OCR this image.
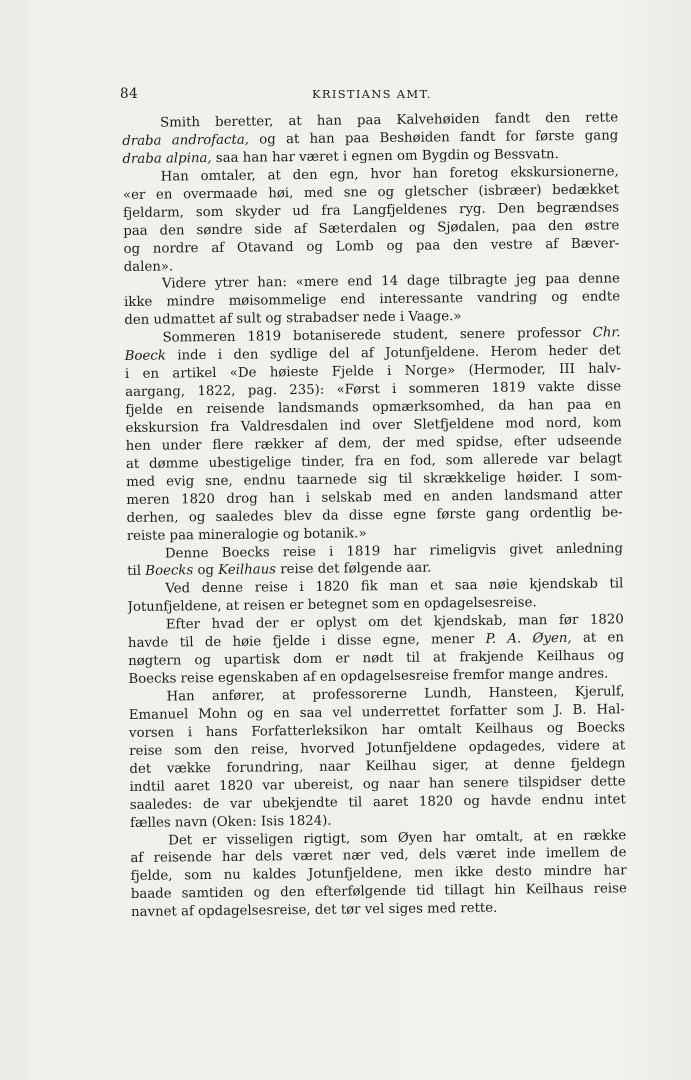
84	KRISTIANS AMT.
Smith beretter, at han paa Kalvehøiden fandt den rette
draba androfacta, og at han paa Beshøiden fandt for første gang
draba alpina, saa han har været i egnen om Bygdin og Bessvatn.
Han omtaler, at den egn, hvor han foretog ekskursionerne,
«er en overmaade høi, med sne og gletscher (isbræer) bedækket
fjeldarm, som skyder ud fra Langfjeldenes ryg. Den begrændses
paa den søndre side af Sæterdalen og Sjødalen, paa den østre
og nordre af Otavand og Lomb og paa den vestre af Bæver-
dalen».
Videre ytrer han: «mere end 14 dage tilbragte jeg paa denne
ikke mindre møisommelige end interessante vandring og endte
den udmattet af sult og strabadser nede i Vaage.»
Sommeren 1819 botaniserede student, senere professor Chr.
Boeck inde i den sydlige del af Jotunfjeldene. Herom heder det
i en artikel «De høieste Fjelde i Norge» (Hermoder, III halv-
aargang, 1822, pag. 235): «Først i sommeren 1819 vakte disse
fjelde en reisende landsmands opmærksomhed, da han paa en
ekskursion fra Valdresdalen ind over Sletfjeldene mod nord, kom
hen under flere rækker af dem, der med spidse, efter udseende
at dømme ubestigelige tinder, fra en fod, som allerede var belagt
med evig sne, endnu taarnede sig til skrækkelige høider. I som-
meren 1820 drog han i selskab med en anden landsmand atter
derhen, og saaledes blev da disse egne første gang ordentlig be-
reiste paa mineralogie og botanik.»
Denne Boecks reise i 1819 har rimeligvis givet anledning
til Boecks og Keilhaus reise det følgende aar.
Ved denne reise i 1820 fik man et saa nøie kjendskab til
Jotunfjeldene, at reisen er betegnet som en opdagelsesreise.
Efter hvad der er oplyst om det kjendskab, man før 1820
havde til de høie fjelde i disse egne, mener P. A. Øyen, at en
nøgtern og upartisk dom er nødt til at frakjende Keilhaus og
Boecks reise egenskaben af en opdagelsesreise fremfor mange andres.
Han anfører, at professorerne Lundh, Hansteen, Kjerulf,
Emanuel Mohn og en saa vel underrettet forfatter som J. B. Hal-
vorsen i hans Forfatterleksikon har omtalt Keilhaus og Boecks
reise som den reise, hvorved Jotunfjeldene opdagedes, videre at
det vække forundring, naar Keilhau siger, at denne fjeldegn
indtil aaret 1820 var ubereist, og naar han senere tilspidser dette
saaledes: de var ubekjendte til aaret 1820 og havde endnu intet
fælles navn (Oken: Isis 1824).
Det er visseligen rigtigt, som Øyen har omtalt, at en række
af reisende har dels været nær ved, dels været inde imellem de
fjelde, som nu kaldes Jotunfjeldene, men ikke desto mindre har
baade samtiden og den efterfølgende tid tillagt hin Keilhaus reise
navnet af opdagelsesreise, det tør vel siges med rette.
